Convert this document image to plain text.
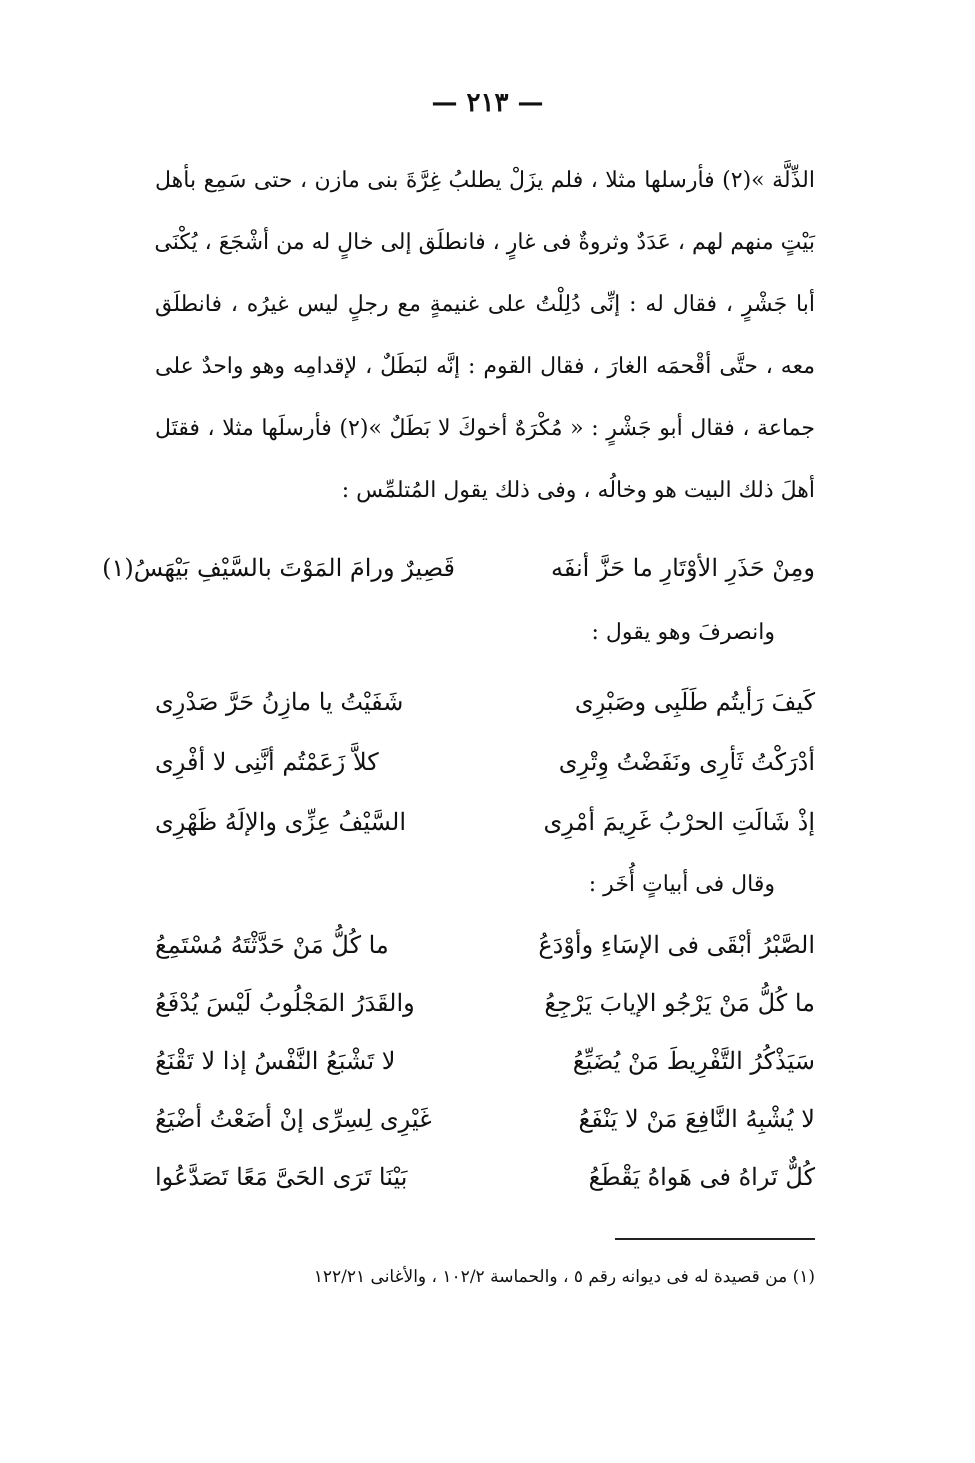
— ٢١٣ —
الذِّلَّة »(٢) فأرسلها مثلا ، فلم يزَلْ يطلبُ غِرَّةَ بنى مازن ، حتى سَمِع بأهل
بَيْتٍ منهم لهم ، عَدَدٌ وثروةٌ فى غارٍ ، فانطلَق إلى خالٍ له من أشْجَعَ ، يُكْنَى
أبا جَشْرٍ ، فقال له : إنِّى دُلِلْتُ على غنيمةٍ مع رجلٍ ليس غيرُه ، فانطلَق
معه ، حتَّى أقْحمَه الغارَ ، فقال القوم : إنَّه لبَطَلٌ ، لإقدامِه وهو واحدٌ على
جماعة ، فقال أبو جَشْرٍ : « مُكْرَهٌ أخوكَ لا بَطَلٌ »(٢) فأرسلَها مثلا ، فقتَل
أهلَ ذلك البيت هو وخالُه ، وفى ذلك يقول المُتلمِّس :
ومِنْ حَذَرِ الأوْتَارِ ما حَزَّ أنفَه
قَصِيرٌ ورامَ المَوْتَ بالسَّيْفِ بَيْهَسُ(١)
وانصرفَ وهو يقول :
كَيفَ رَأيتُم طَلَبِى وصَبْرِى
شَفَيْتُ يا مازِنُ حَرَّ صَدْرِى
أدْرَكْتُ ثَأرِى ونَفَضْتُ وِتْرِى
كلاَّ زَعَمْتُم أنَّنِى لا أفْرِى
إذْ شَالَتِ الحرْبُ غَرِيمَ أمْرِى
السَّيْفُ عِزِّى والإلَهُ ظَهْرِى
وقال فى أبياتٍ أُخَر :
الصَّبْرُ أبْقَى فى الإسَاءِ وأوْدَعُ
ما كُلُّ مَنْ حَدَّثْتَهُ مُسْتَمِعُ
ما كُلُّ مَنْ يَرْجُو الإيابَ يَرْجِعُ
والقَدَرُ المَجْلُوبُ لَيْسَ يُدْفَعُ
سَيَذْكُرُ التَّفْرِيطَ مَنْ يُضَيِّعُ
لا تَشْبَعُ النَّفْسُ إذا لا تَقْنَعُ
لا يُشْبِهُ النَّافِعَ مَنْ لا يَنْفَعُ
غَيْرِى لِسِرِّى إنْ أضَعْتُ أضْيَعُ
كُلٌّ تَراهُ فى هَواهُ يَقْطَعُ
بَيْنَا تَرَى الحَىَّ مَعًا تَصَدَّعُوا
(١) من قصيدة له فى ديوانه رقم ٥ ، والحماسة ١٠٢/٢ ، والأغانى ١٢٢/٢١
